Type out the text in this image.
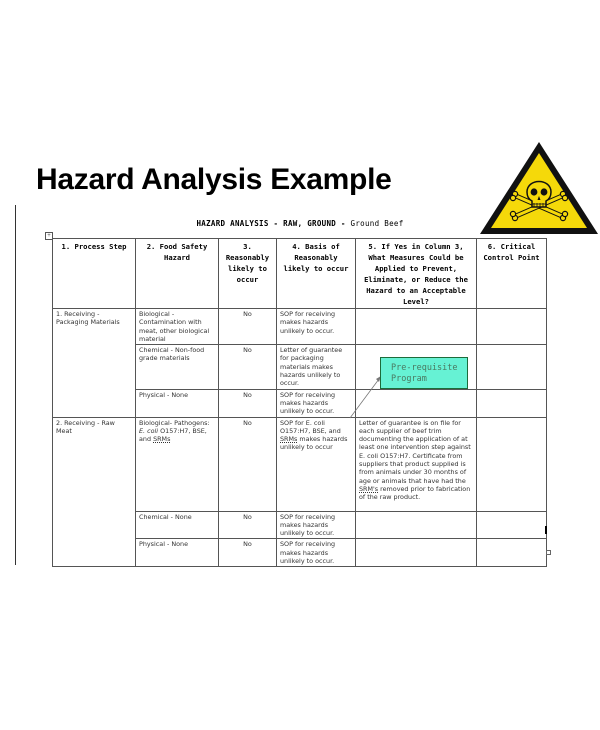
Hazard Analysis Example
HAZARD ANALYSIS - RAW, GROUND - Ground Beef
+
1. Process Step	2. Food Safety Hazard	3. Reasonably likely to occur	4. Basis of Reasonably likely to occur	5. If Yes in Column 3, What Measures Could be Applied to Prevent, Eliminate, or Reduce the Hazard to an Acceptable Level?	6. Critical Control Point
1. Receiving - Packaging Materials	Biological - Contamination with meat, other biological material	No	SOP for receiving makes hazards unlikely to occur.		
	Chemical - Non-food grade materials	No	Letter of guarantee for packaging materials makes hazards unlikely to occur.		
	Physical - None	No	SOP for receiving makes hazards unlikely to occur.		
2. Receiving - Raw Meat	Biological- Pathogens: E. coli O157:H7, BSE, and SRMs	No	SOP for E. coli O157:H7, BSE, and SRMs makes hazards unlikely to occur	Letter of guarantee is on file for each supplier of beef trim documenting the application of at least one intervention step against E. coli O157:H7. Certificate from suppliers that product supplied is from animals under 30 months of age or animals that have had the SRM's removed prior to fabrication of the raw product.	
	Chemical - None	No	SOP for receiving makes hazards unlikely to occur.		
	Physical - None	No	SOP for receiving makes hazards unlikely to occur.		
Pre-requisite
Program
